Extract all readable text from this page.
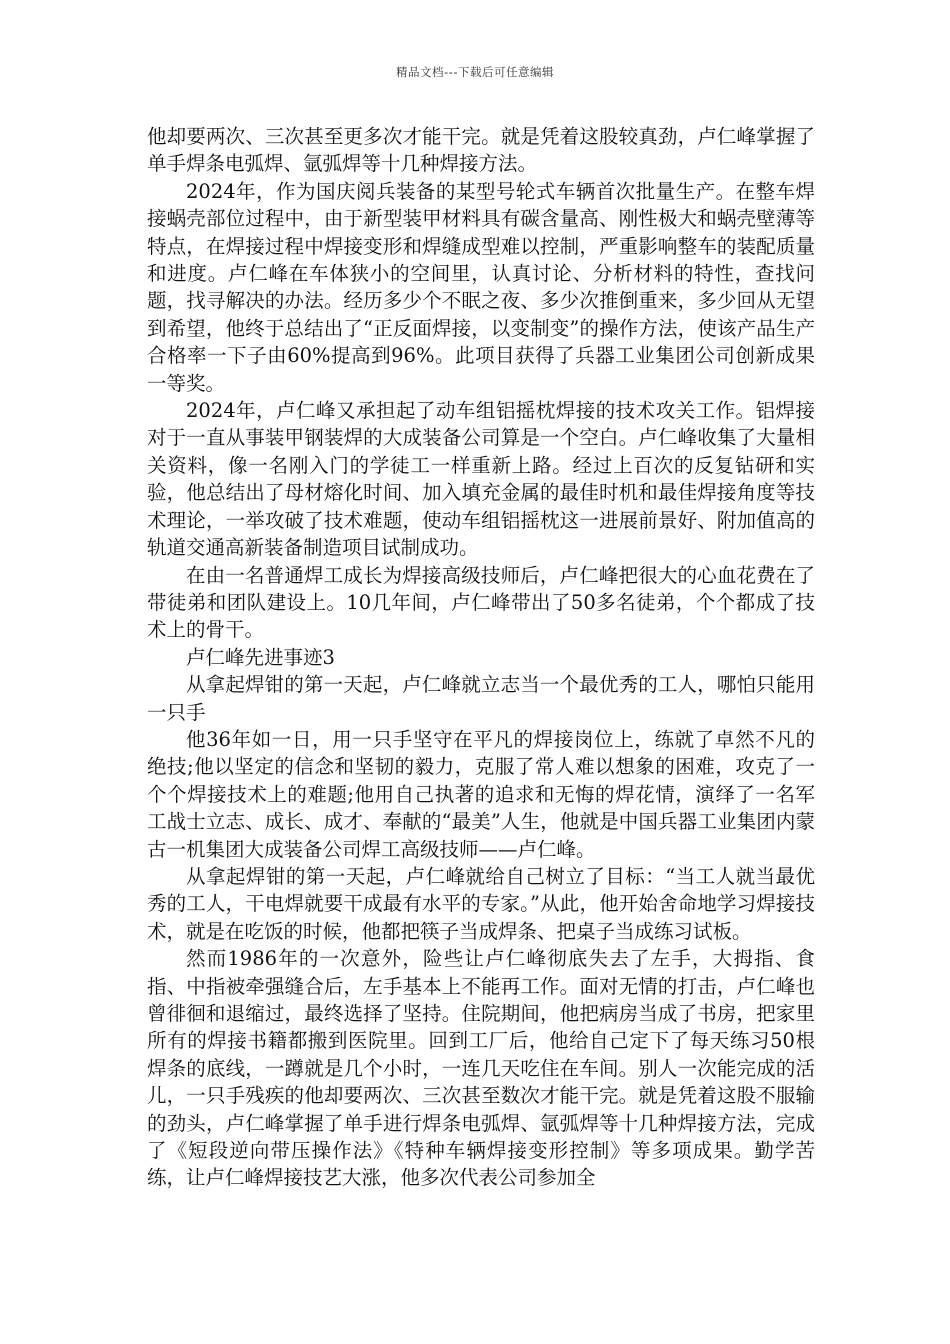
精品文档---下载后可任意编辑

他却要两次、三次甚至更多次才能干完。就是凭着这股较真劲，卢仁峰掌握了单手焊条电弧焊、氩弧焊等十几种焊接方法。

2024年，作为国庆阅兵装备的某型号轮式车辆首次批量生产。在整车焊接蜗壳部位过程中，由于新型装甲材料具有碳含量高、刚性极大和蜗壳壁薄等特点，在焊接过程中焊接变形和焊缝成型难以控制，严重影响整车的装配质量和进度。卢仁峰在车体狭小的空间里，认真讨论、分析材料的特性，查找问题，找寻解决的办法。经历多少个不眠之夜、多少次推倒重来，多少回从无望到希望，他终于总结出了“正反面焊接，以变制变”的操作方法，使该产品生产合格率一下子由60%提高到96%。此项目获得了兵器工业集团公司创新成果一等奖。

2024年，卢仁峰又承担起了动车组铝摇枕焊接的技术攻关工作。铝焊接对于一直从事装甲钢装焊的大成装备公司算是一个空白。卢仁峰收集了大量相关资料，像一名刚入门的学徒工一样重新上路。经过上百次的反复钻研和实验，他总结出了母材熔化时间、加入填充金属的最佳时机和最佳焊接角度等技术理论，一举攻破了技术难题，使动车组铝摇枕这一进展前景好、附加值高的轨道交通高新装备制造项目试制成功。

在由一名普通焊工成长为焊接高级技师后，卢仁峰把很大的心血花费在了带徒弟和团队建设上。10几年间，卢仁峰带出了50多名徒弟，个个都成了技术上的骨干。

卢仁峰先进事迹3

从拿起焊钳的第一天起，卢仁峰就立志当一个最优秀的工人，哪怕只能用一只手

他36年如一日，用一只手坚守在平凡的焊接岗位上，练就了卓然不凡的绝技;他以坚定的信念和坚韧的毅力，克服了常人难以想象的困难，攻克了一个个焊接技术上的难题;他用自己执著的追求和无悔的焊花情，演绎了一名军工战士立志、成长、成才、奉献的“最美”人生，他就是中国兵器工业集团内蒙古一机集团大成装备公司焊工高级技师——卢仁峰。

从拿起焊钳的第一天起，卢仁峰就给自己树立了目标：“当工人就当最优秀的工人，干电焊就要干成最有水平的专家。”从此，他开始舍命地学习焊接技术，就是在吃饭的时候，他都把筷子当成焊条、把桌子当成练习试板。

然而1986年的一次意外，险些让卢仁峰彻底失去了左手，大拇指、食指、中指被牵强缝合后，左手基本上不能再工作。面对无情的打击，卢仁峰也曾徘徊和退缩过，最终选择了坚持。住院期间，他把病房当成了书房，把家里所有的焊接书籍都搬到医院里。回到工厂后，他给自己定下了每天练习50根焊条的底线，一蹲就是几个小时，一连几天吃住在车间。别人一次能完成的活儿，一只手残疾的他却要两次、三次甚至数次才能干完。就是凭着这股不服输的劲头，卢仁峰掌握了单手进行焊条电弧焊、氩弧焊等十几种焊接方法，完成了《短段逆向带压操作法》《特种车辆焊接变形控制》等多项成果。勤学苦练，让卢仁峰焊接技艺大涨，他多次代表公司参加全
